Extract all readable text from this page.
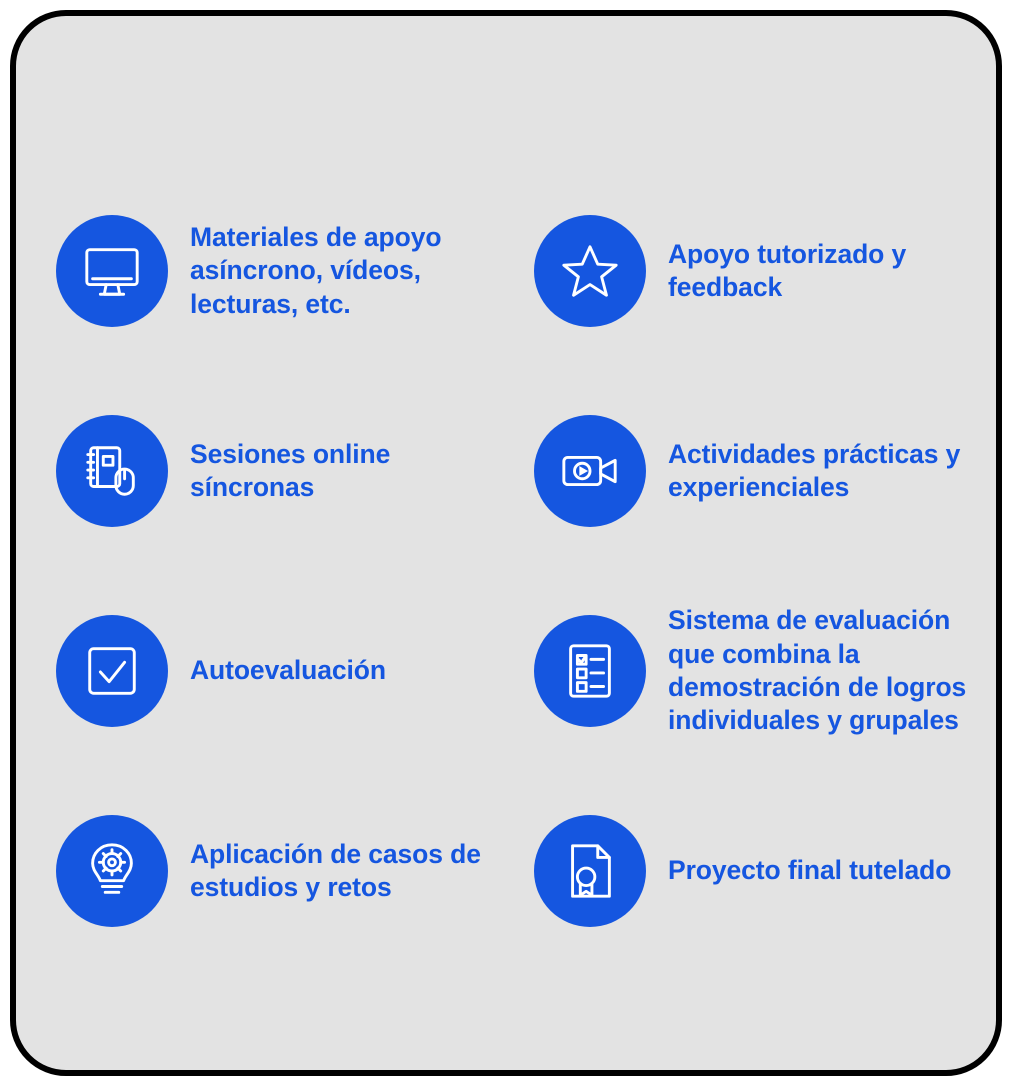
Materiales de apoyo asíncrono, vídeos, lecturas, etc.
Apoyo tutorizado y feedback
Sesiones online síncronas
Actividades prácticas y experienciales
Autoevaluación
Sistema de evaluación que combina la demostración de logros individuales y grupales
Aplicación de casos de estudios y retos
Proyecto final tutelado
